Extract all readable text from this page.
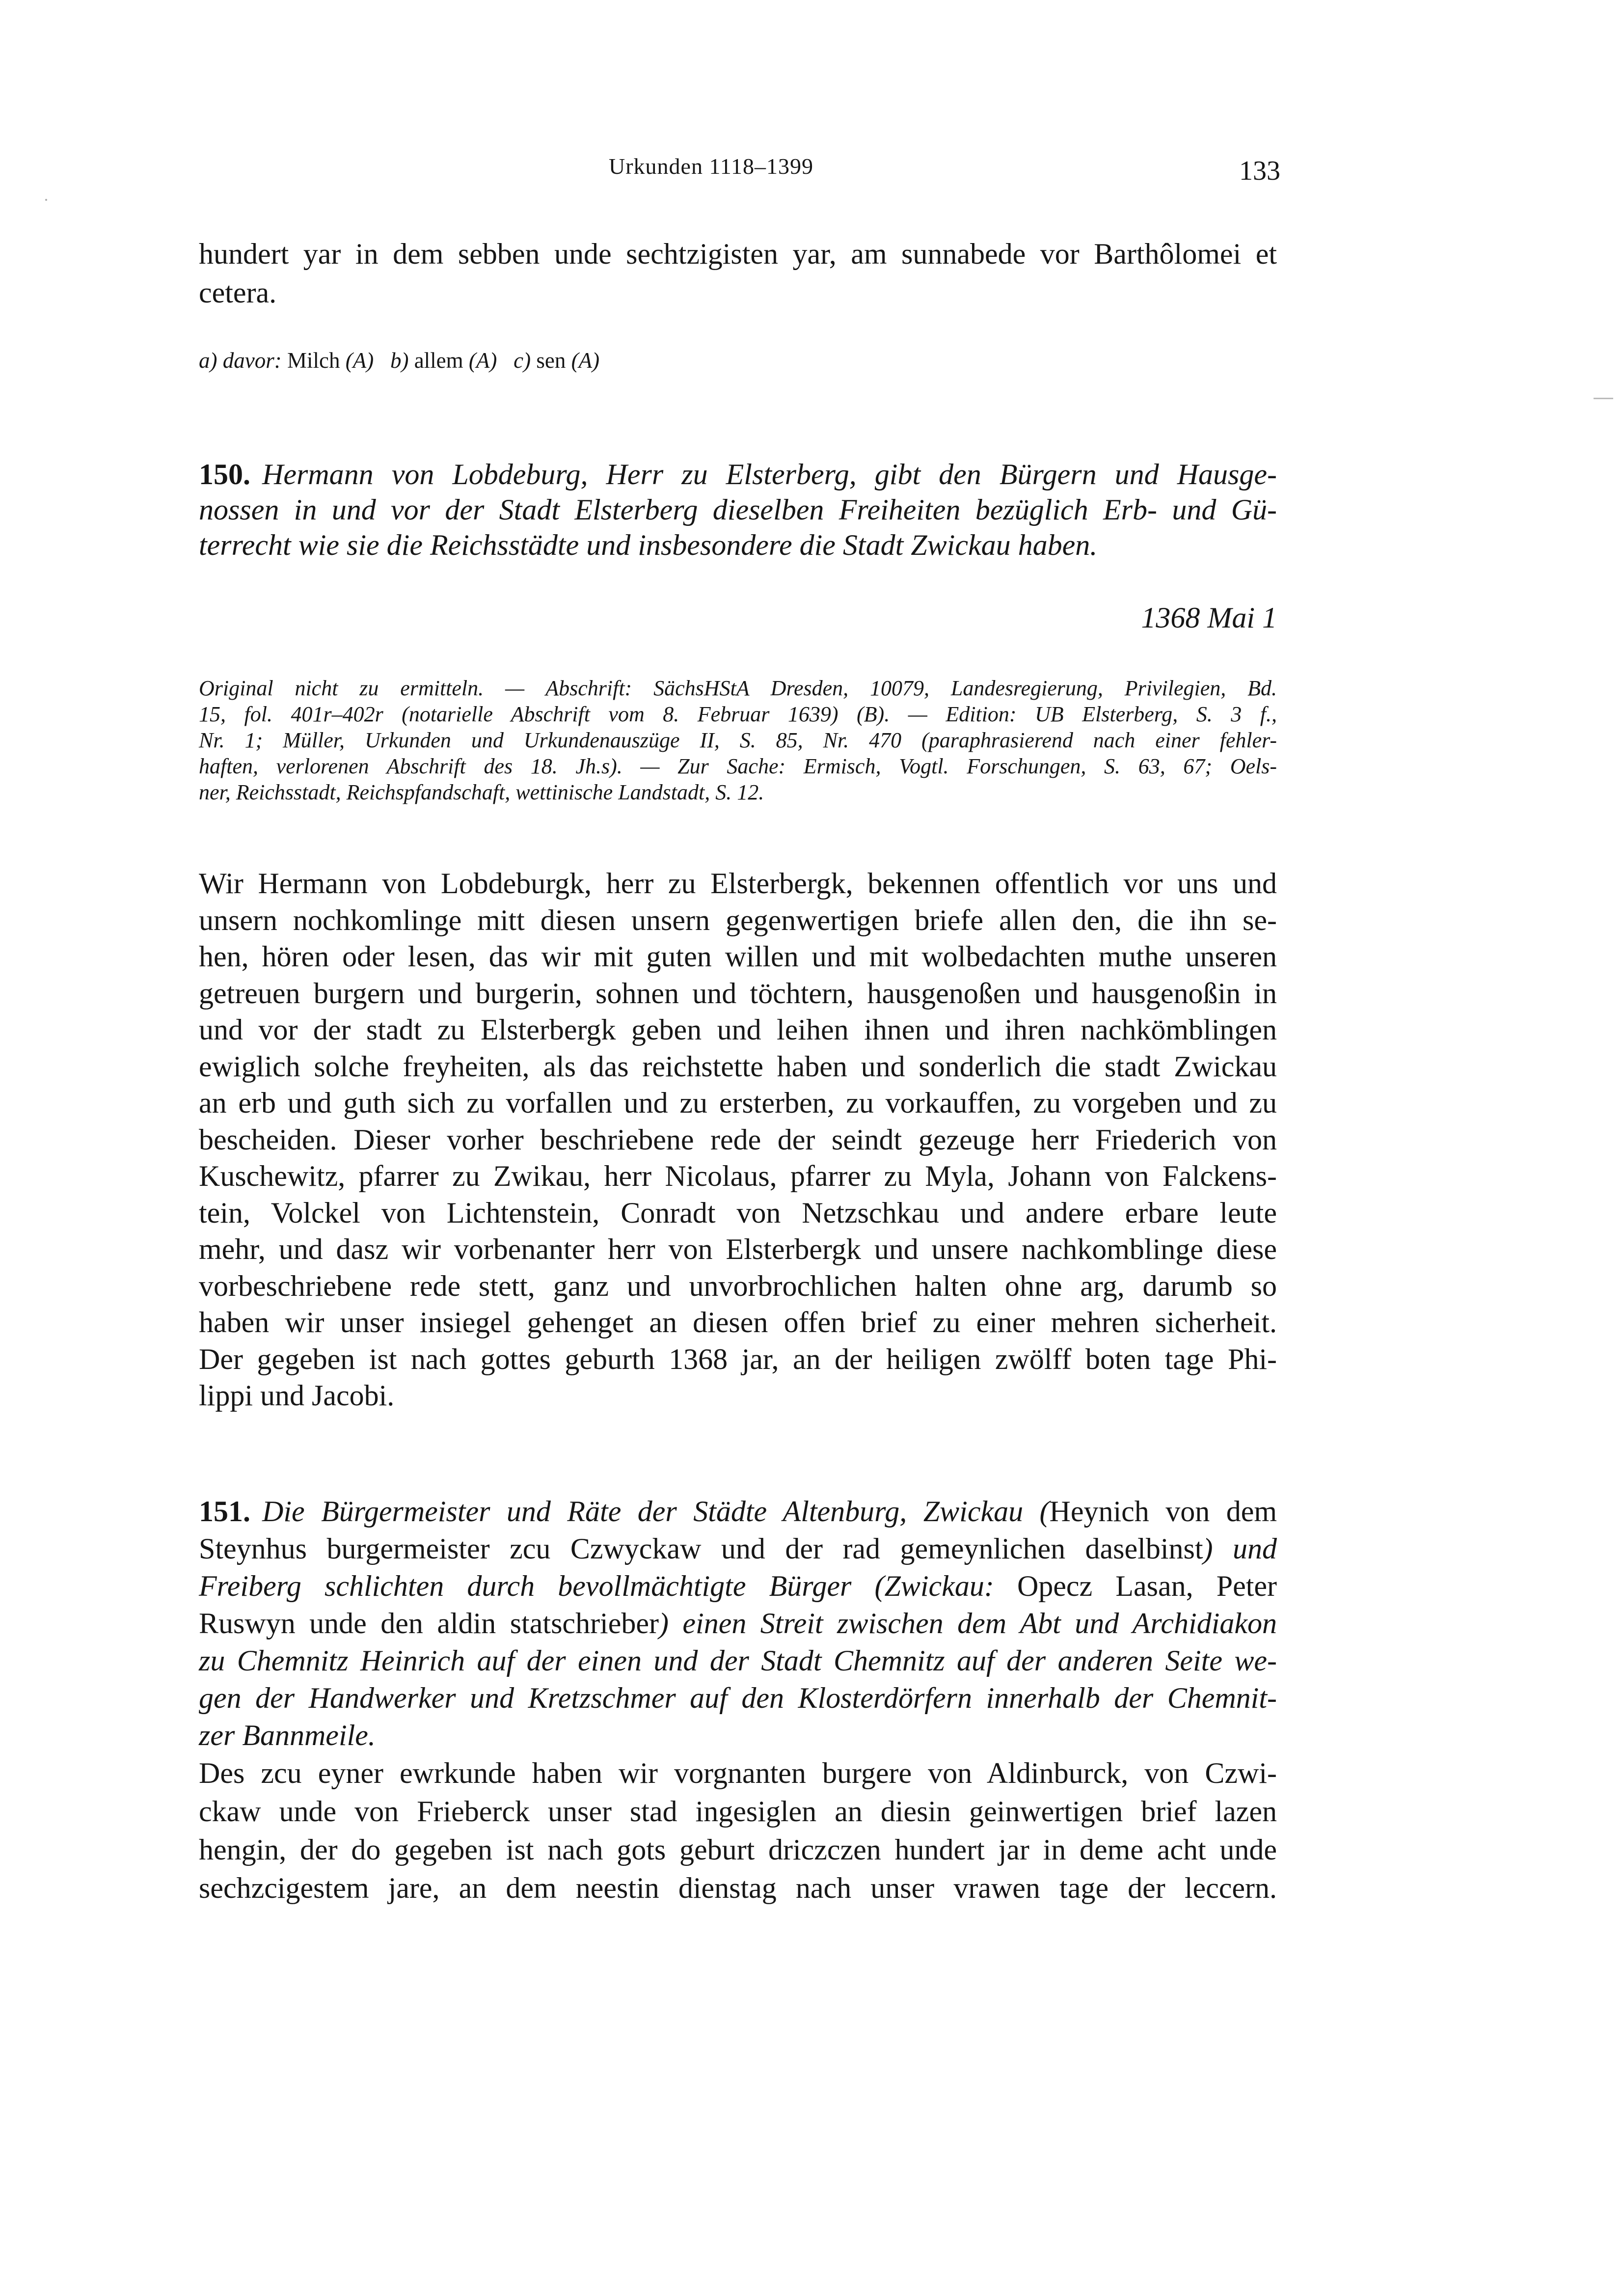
Urkunden 1118–1399	133
hundert yar in dem sebben unde sechtzigisten yar, am sunnabede vor Barthôlomei et
cetera.
a) davor: Milch (A) b) allem (A) c) sen (A)
150. Hermann von Lobdeburg, Herr zu Elsterberg, gibt den Bürgern und Hausge-
nossen in und vor der Stadt Elsterberg dieselben Freiheiten bezüglich Erb- und Gü-
terrecht wie sie die Reichsstädte und insbesondere die Stadt Zwickau haben.
1368 Mai 1
Original nicht zu ermitteln. — Abschrift: SächsHStA Dresden, 10079, Landesregierung, Privilegien, Bd.
15, fol. 401r–402r (notarielle Abschrift vom 8. Februar 1639) (B). — Edition: UB Elsterberg, S. 3 f.,
Nr. 1; Müller, Urkunden und Urkundenauszüge II, S. 85, Nr. 470 (paraphrasierend nach einer fehler-
haften, verlorenen Abschrift des 18. Jh.s). — Zur Sache: Ermisch, Vogtl. Forschungen, S. 63, 67; Oels-
ner, Reichsstadt, Reichspfandschaft, wettinische Landstadt, S. 12.
Wir Hermann von Lobdeburgk, herr zu Elsterbergk, bekennen offentlich vor uns und
unsern nochkomlinge mitt diesen unsern gegenwertigen briefe allen den, die ihn se-
hen, hören oder lesen, das wir mit guten willen und mit wolbedachten muthe unseren
getreuen burgern und burgerin, sohnen und töchtern, hausgenoßen und hausgenoßin in
und vor der stadt zu Elsterbergk geben und leihen ihnen und ihren nachkömblingen
ewiglich solche freyheiten, als das reichstette haben und sonderlich die stadt Zwickau
an erb und guth sich zu vorfallen und zu ersterben, zu vorkauffen, zu vorgeben und zu
bescheiden. Dieser vorher beschriebene rede der seindt gezeuge herr Friederich von
Kuschewitz, pfarrer zu Zwikau, herr Nicolaus, pfarrer zu Myla, Johann von Falckens-
tein, Volckel von Lichtenstein, Conradt von Netzschkau und andere erbare leute
mehr, und dasz wir vorbenanter herr von Elsterbergk und unsere nachkomblinge diese
vorbeschriebene rede stett, ganz und unvorbrochlichen halten ohne arg, darumb so
haben wir unser insiegel gehenget an diesen offen brief zu einer mehren sicherheit.
Der gegeben ist nach gottes geburth 1368 jar, an der heiligen zwölff boten tage Phi-
lippi und Jacobi.
151. Die Bürgermeister und Räte der Städte Altenburg, Zwickau (Heynich von dem
Steynhus burgermeister zcu Czwyckaw und der rad gemeynlichen daselbinst) und
Freiberg schlichten durch bevollmächtigte Bürger (Zwickau: Opecz Lasan, Peter
Ruswyn unde den aldin statschrieber) einen Streit zwischen dem Abt und Archidiakon
zu Chemnitz Heinrich auf der einen und der Stadt Chemnitz auf der anderen Seite we-
gen der Handwerker und Kretzschmer auf den Klosterdörfern innerhalb der Chemnit-
zer Bannmeile.
Des zcu eyner ewrkunde haben wir vorgnanten burgere von Aldinburck, von Czwi-
ckaw unde von Frieberck unser stad ingesiglen an diesin geinwertigen brief lazen
hengin, der do gegeben ist nach gots geburt driczczen hundert jar in deme acht unde
sechzcigestem jare, an dem neestin dienstag nach unser vrawen tage der leccern.
